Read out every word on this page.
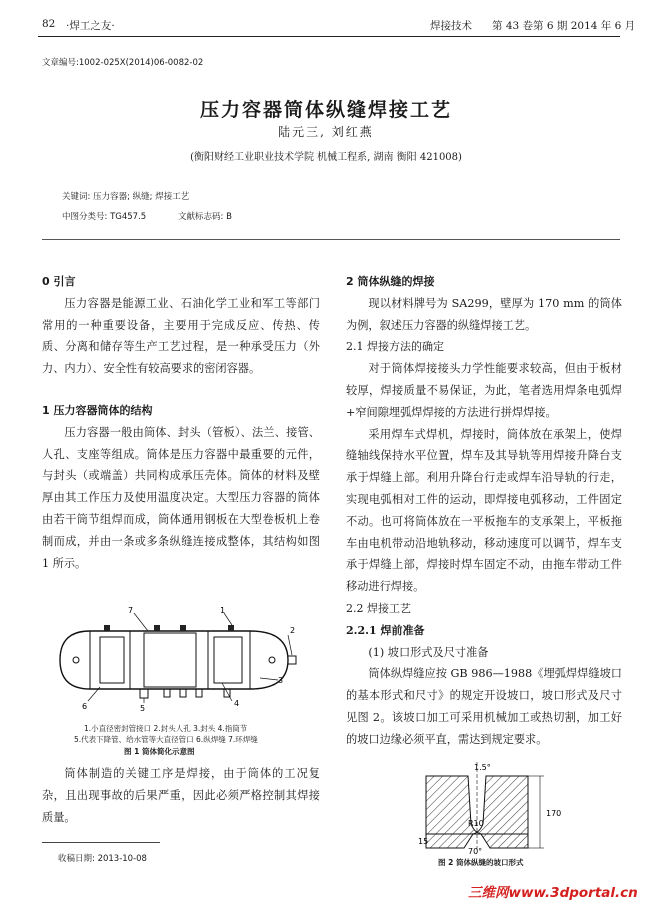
82 ·焊工之友·	焊接技术 第 43 卷第 6 期 2014 年 6 月
文章编号:1002-025X(2014)06-0082-02
压力容器筒体纵缝焊接工艺
陆元三, 刘红燕
(衡阳财经工业职业技术学院 机械工程系, 湖南 衡阳 421008)
关键词: 压力容器; 纵缝; 焊接工艺
中图分类号: TG457.5	文献标志码: B
0 引言

压力容器是能源工业、石油化学工业和军工等部门常用的一种重要设备，主要用于完成反应、传热、传质、分离和储存等生产工艺过程，是一种承受压力（外力、内力）、安全性有较高要求的密闭容器。

1 压力容器筒体的结构

压力容器一般由筒体、封头（管板）、法兰、接管、人孔、支座等组成。筒体是压力容器中最重要的元件，与封头（或端盖）共同构成承压壳体。筒体的材料及壁厚由其工作压力及使用温度决定。大型压力容器的筒体由若干筒节组焊而成，筒体通用钢板在大型卷板机上卷制而成，并由一条或多条纵缝连接成整体，其结构如图 1 所示。

1
2
3
4
5
6
7
1.小直径密封管接口 2.封头人孔 3.封头 4.指筒节
5.代表下降管、给水管等大直径管口 6.纵焊缝 7.环焊缝
图 1 筒体简化示意图

筒体制造的关键工序是焊接，由于筒体的工况复杂，且出现事故的后果严重，因此必须严格控制其焊接质量。

收稿日期: 2013-10-08
2 筒体纵缝的焊接

现以材料牌号为 SA299，壁厚为 170 mm 的筒体为例，叙述压力容器的纵缝焊接工艺。

2.1 焊接方法的确定

对于筒体焊接接头力学性能要求较高，但由于板材较厚，焊接质量不易保证，为此，笔者选用焊条电弧焊+窄间隙埋弧焊焊接的方法进行拼焊焊接。

采用焊车式焊机，焊接时，筒体放在承架上，使焊缝轴线保持水平位置，焊车及其导轨等用焊接升降台支承于焊缝上部。利用升降台行走或焊车沿导轨的行走，实现电弧相对工件的运动，即焊接电弧移动，工件固定不动。也可将筒体放在一平板拖车的支承架上，平板拖车由电机带动沿地轨移动，移动速度可以调节，焊车支承于焊缝上部，焊接时焊车固定不动，由拖车带动工件移动进行焊接。

2.2 焊接工艺
2.2.1 焊前准备

(1) 坡口形式及尺寸准备

筒体纵焊缝应按 GB 986—1988《埋弧焊焊缝坡口的基本形式和尺寸》的规定开设坡口，坡口形式及尺寸见图 2。该坡口加工可采用机械加工或热切割，加工好的坡口边缘必须平直，需达到规定要求。

170
1.5°
R10
15
70°
图 2 筒体纵缝的坡口形式
三维网www.3dportal.cn
